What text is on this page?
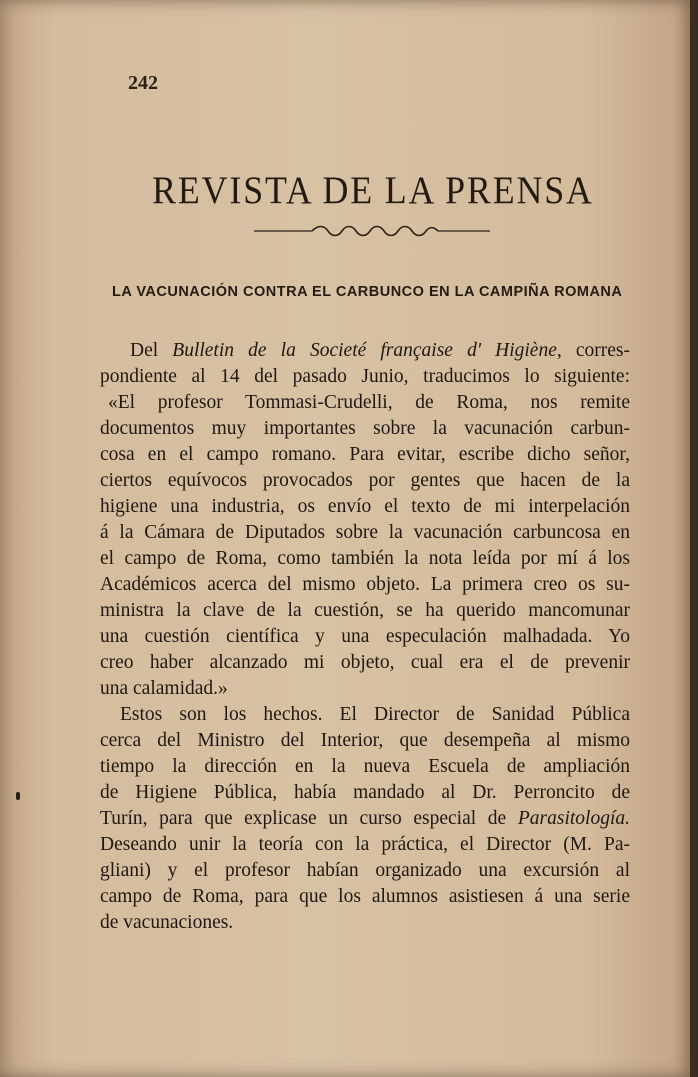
242
REVISTA DE LA PRENSA
LA VACUNACIÓN CONTRA EL CARBUNCO EN LA CAMPIÑA ROMANA
Del Bulletin de la Societé française d' Higiène, corres-
pondiente al 14 del pasado Junio, traducimos lo siguiente:
«El profesor Tommasi-Crudelli, de Roma, nos remite
documentos muy importantes sobre la vacunación carbun-
cosa en el campo romano. Para evitar, escribe dicho señor,
ciertos equívocos provocados por gentes que hacen de la
higiene una industria, os envío el texto de mi interpelación
á la Cámara de Diputados sobre la vacunación carbuncosa en
el campo de Roma, como también la nota leída por mí á los
Académicos acerca del mismo objeto. La primera creo os su-
ministra la clave de la cuestión, se ha querido mancomunar
una cuestión científica y una especulación malhadada. Yo
creo haber alcanzado mi objeto, cual era el de prevenir
una calamidad.»
Estos son los hechos. El Director de Sanidad Pública
cerca del Ministro del Interior, que desempeña al mismo
tiempo la dirección en la nueva Escuela de ampliación
de Higiene Pública, había mandado al Dr. Perroncito de
Turín, para que explicase un curso especial de Parasitología.
Deseando unir la teoría con la práctica, el Director (M. Pa-
gliani) y el profesor habían organizado una excursión al
campo de Roma, para que los alumnos asistiesen á una serie
de vacunaciones.
